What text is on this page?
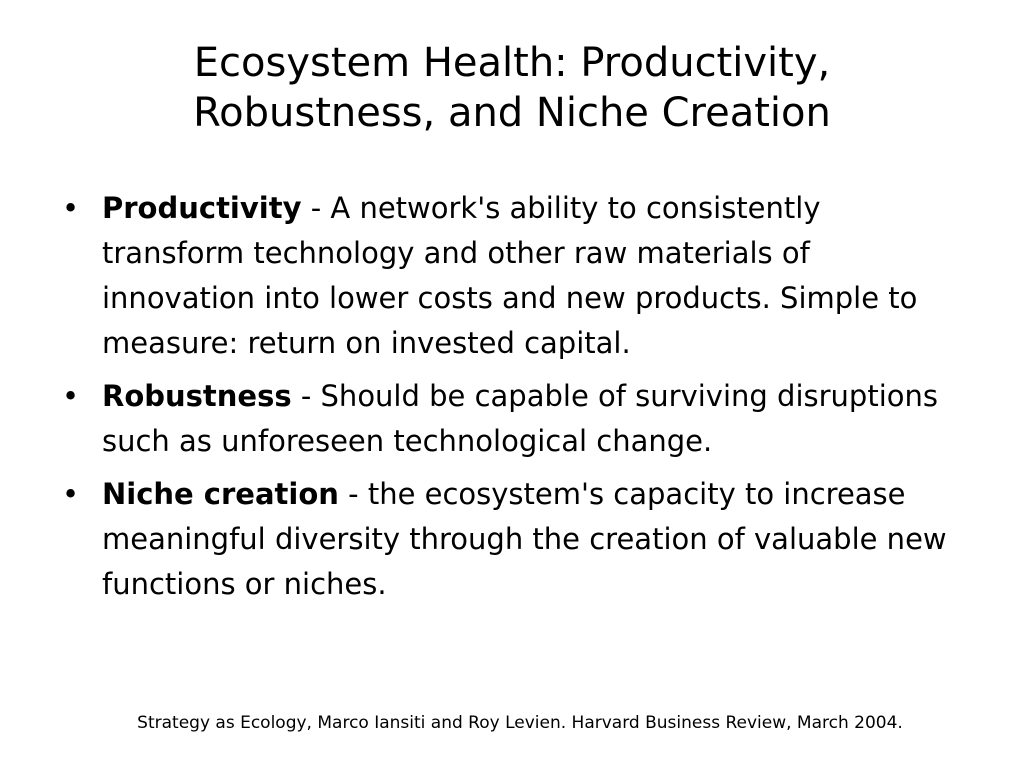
Ecosystem Health: Productivity,
Robustness, and Niche Creation
• Productivity - A network's ability to consistently transform technology and other raw materials of innovation into lower costs and new products. Simple to measure: return on invested capital.
• Robustness - Should be capable of surviving disruptions such as unforeseen technological change.
• Niche creation - the ecosystem's capacity to increase meaningful diversity through the creation of valuable new functions or niches.
Strategy as Ecology, Marco Iansiti and Roy Levien. Harvard Business Review, March 2004.
